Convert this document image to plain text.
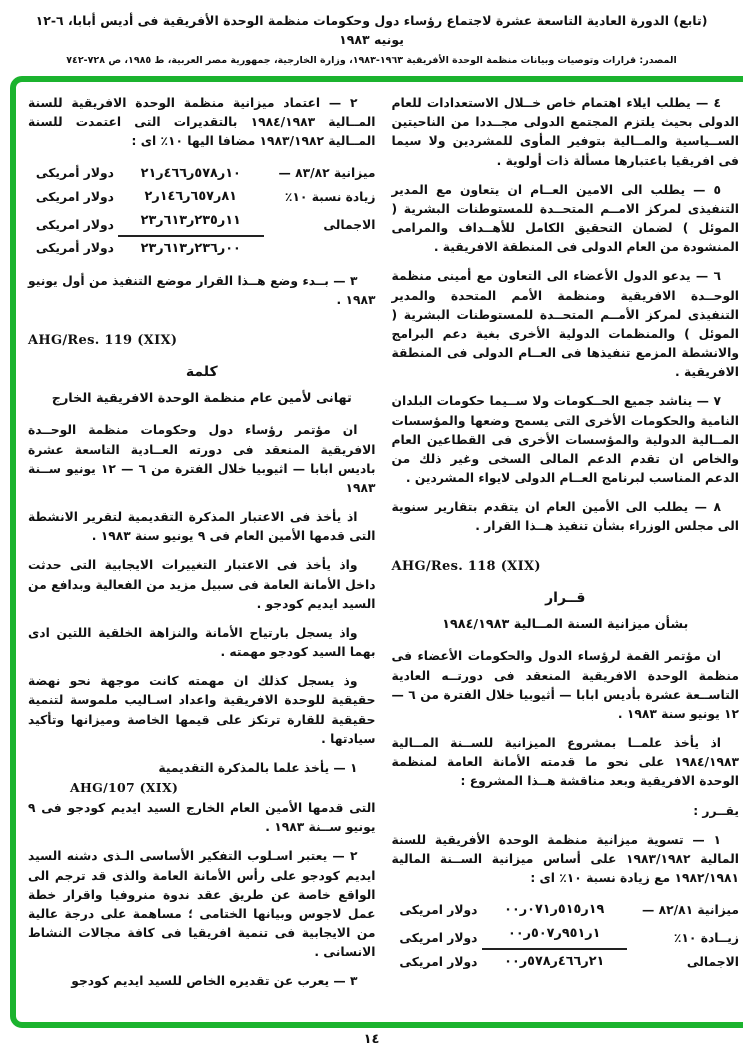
(تابع) الدورة العادية التاسعة عشرة لاجتماع رؤساء دول وحكومات منظمة الوحدة الأفريقية فى أديس أبابا، ٦-١٢ يونيه ١٩٨٣
المصدر: قرارات وتوصيات وبيانات منظمة الوحدة الأفريقية ١٩٦٣-١٩٨٣، وزارة الخارجية، جمهورية مصر العربية، ط ١٩٨٥، ص ٧٢٨-٧٤٢
٤ — يطلب ايلاء اهتمام خاص خــلال الاستعدادات للعام الدولى بحيث يلتزم المجتمع الدولى مجــددا من الناحيتين الســياسية والمــالية بتوفير المأوى للمشردين ولا سيما فى افريقيا باعتبارها مسألة ذات أولوية .
٥ — يطلب الى الامين العــام ان يتعاون مع المدير التنفيذى لمركز الامــم المتحــدة للمستوطنات البشرية ( الموئل ) لضمان التحقيق الكامل للأهــداف والمرامى المنشودة من العام الدولى فى المنطقة الافريقية .
٦ — يدعو الدول الأعضاء الى التعاون مع أمينى منظمة الوحــدة الافريقية ومنظمة الأمم المتحدة والمدير التنفيذى لمركز الأمــم المتحــدة للمستوطنات البشرية ( الموئل ) والمنظمات الدولية الأخرى بغية دعم البرامج والانشطة المزمع تنفيذها فى العــام الدولى فى المنطقة الافريقية .
٧ — يناشد جميع الحــكومات ولا ســيما حكومات البلدان النامية والحكومات الأخرى التى يسمح وضعها والمؤسسات المــالية الدولية والمؤسسات الأخرى فى القطاعين العام والخاص ان تقدم الدعم المالى السخى وغير ذلك من الدعم المناسب لبرنامج العــام الدولى لايواء المشردين .
٨ — يطلب الى الأمين العام ان يتقدم بتقارير سنوية الى مجلس الوزراء بشأن تنفيذ هــذا القرار .
AHG/Res. 118 (XIX)
قــرار
بشأن ميزانية السنة المــالية ١٩٨٤/١٩٨٣
ان مؤتمر القمة لرؤساء الدول والحكومات الأعضاء فى منظمة الوحدة الافريقية المنعقد فى دورتــه العادية التاســعة عشرة بأديس ابابا — أثيوبيا خلال الفترة من ٦ — ١٢ يونيو سنة ١٩٨٣ .
اذ يأخذ علمــا بمشروع الميزانية للســنة المــالية ١٩٨٤/١٩٨٣ على نحو ما قدمته الأمانة العامة لمنظمة الوحدة الافريقية وبعد مناقشة هــذا المشروع :
يقــرر :
١ — تسوية ميزانية منظمة الوحدة الأفريقية للسنة المالية ١٩٨٣/١٩٨٢ على أساس ميزانية الســنة المالية ١٩٨٢/١٩٨١ مع زيادة نسبة ١٠٪ اى :
ميزانية ٨٢/٨١ —
٠٠ر٠٧١ر٥١٥ر١٩
دولار امريكى
زيــادة ١٠٪
٠٠ر٥٠٧ر٩٥١ر١
دولار امريكى
الاجمالى
٠٠ر٥٧٨ر٤٦٦ر٢١
دولار امريكى
٢ — اعتماد ميزانية منظمة الوحدة الافريقية للسنة المــالية ١٩٨٤/١٩٨٣ بالتقديرات التى اعتمدت للسنة المــالية ١٩٨٣/١٩٨٢ مضافا اليها ١٠٪ اى :
ميزانية ٨٣/٨٢ —
٢١ر٤٦٦ر٥٧٨ر١٠
دولار أمريكى
زيادة نسبة ١٠٪
٢ر١٤٦ر٦٥٧ر٨١
دولار امريكى
الاجمالى
٢٣ر٦١٣ر٢٣٥ر١١
دولار امريكى
٢٣ر٦١٣ر٢٣٦ر٠٠
دولار أمريكى
٣ — بــدء وضع هــذا القرار موضع التنفيذ من أول يونيو ١٩٨٣ .
AHG/Res. 119 (XIX)
كلمة
تهانى لأمين عام منظمة الوحدة الافريقية الخارج
ان مؤتمر رؤساء دول وحكومات منظمة الوحــدة الافريقية المنعقد فى دورته العــادية التاسعة عشرة باديس ابابا — اثيوبيا خلال الفترة من ٦ — ١٢ يونيو ســنة ١٩٨٣
اذ يأخذ فى الاعتبار المذكرة التقديمية لتقرير الانشطة التى قدمها الأمين العام فى ٩ يونيو سنة ١٩٨٣ .
واذ يأخذ فى الاعتبار التغييرات الايجابية التى حدثت داخل الأمانة العامة فى سبيل مزيد من الفعالية وبدافع من السيد ايديم كودجو .
واذ يسجل بارتياح الأمانة والنزاهة الخلقية اللتين ادى بهما السيد كودجو مهمته .
وذ يسجل كذلك ان مهمته كانت موجهة نحو نهضة حقيقية للوحدة الافريقية واعداد اسـاليب ملموسة لتنمية حقيقية للقارة ترتكز على قيمها الخاصة وميزانها وتأكيد سيادتها .
١ — يأخذ علما بالمذكرة التقديمية
AHG/107 (XIX)
التى قدمها الأمين العام الخارج السيد ايديم كودجو فى ٩ يونيو ســنة ١٩٨٣ .
٢ — يعتبر اسـلوب التفكير الأساسى الـذى دشنه السيد ايديم كودجو على رأس الأمانة العامة والذى قد ترجم الى الواقع خاصة عن طريق عقد ندوة منروفيا واقرار خطة عمل لاجوس وبيانها الختامى ؛ مساهمة على درجة عالية من الايجابية فى تنمية افريقيا فى كافة مجالات النشاط الانسانى .
٣ — يعرب عن تقديره الخاص للسيد ايديم كودجو
١٤
